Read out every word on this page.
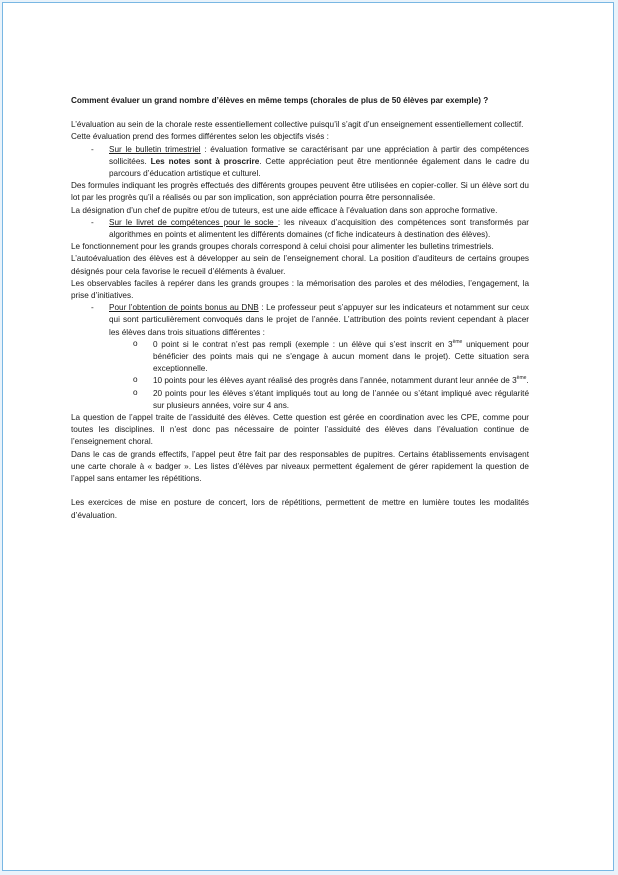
Comment évaluer un grand nombre d’élèves en même temps (chorales de plus de 50 élèves par exemple) ?

L’évaluation au sein de la chorale reste essentiellement collective puisqu’il s’agit d’un enseignement essentiellement collectif.

Cette évaluation prend des formes différentes selon les objectifs visés :

- Sur le bulletin trimestriel : évaluation formative se caractérisant par une appréciation à partir des compétences sollicitées. Les notes sont à proscrire. Cette appréciation peut être mentionnée également dans le cadre du parcours d’éducation artistique et culturel.

Des formules indiquant les progrès effectués des différents groupes peuvent être utilisées en copier-coller. Si un élève sort du lot par les progrès qu’il a réalisés ou par son implication, son appréciation pourra être personnalisée.

La désignation d’un chef de pupitre et/ou de tuteurs, est une aide efficace à l’évaluation dans son approche formative.

- Sur le livret de compétences pour le socle : les niveaux d’acquisition des compétences sont transformés par algorithmes en points et alimentent les différents domaines (cf fiche indicateurs à destination des élèves).

Le fonctionnement pour les grands groupes chorals correspond à celui choisi pour alimenter les bulletins trimestriels.

L’autoévaluation des élèves est à développer au sein de l’enseignement choral. La position d’auditeurs de certains groupes désignés pour cela favorise le recueil d’éléments à évaluer.

Les observables faciles à repérer dans les grands groupes : la mémorisation des paroles et des mélodies, l’engagement, la prise d’initiatives.

- Pour l’obtention de points bonus au DNB : Le professeur peut s’appuyer sur les indicateurs et notamment sur ceux qui sont particulièrement convoqués dans le projet de l’année. L’attribution des points revient cependant à placer les élèves dans trois situations différentes :
o 0 point si le contrat n’est pas rempli (exemple : un élève qui s’est inscrit en 3ème uniquement pour bénéficier des points mais qui ne s’engage à aucun moment dans le projet). Cette situation sera exceptionnelle.
o 10 points pour les élèves ayant réalisé des progrès dans l’année, notamment durant leur année de 3ème.
o 20 points pour les élèves s’étant impliqués tout au long de l’année ou s’étant impliqué avec régularité sur plusieurs années, voire sur 4 ans.

La question de l’appel traite de l’assiduité des élèves. Cette question est gérée en coordination avec les CPE, comme pour toutes les disciplines. Il n’est donc pas nécessaire de pointer l’assiduité des élèves dans l’évaluation continue de l’enseignement choral.

Dans le cas de grands effectifs, l’appel peut être fait par des responsables de pupitres. Certains établissements envisagent une carte chorale à « badger ». Les listes d’élèves par niveaux permettent également de gérer rapidement la question de l’appel sans entamer les répétitions.

Les exercices de mise en posture de concert, lors de répétitions, permettent de mettre en lumière toutes les modalités d’évaluation.
